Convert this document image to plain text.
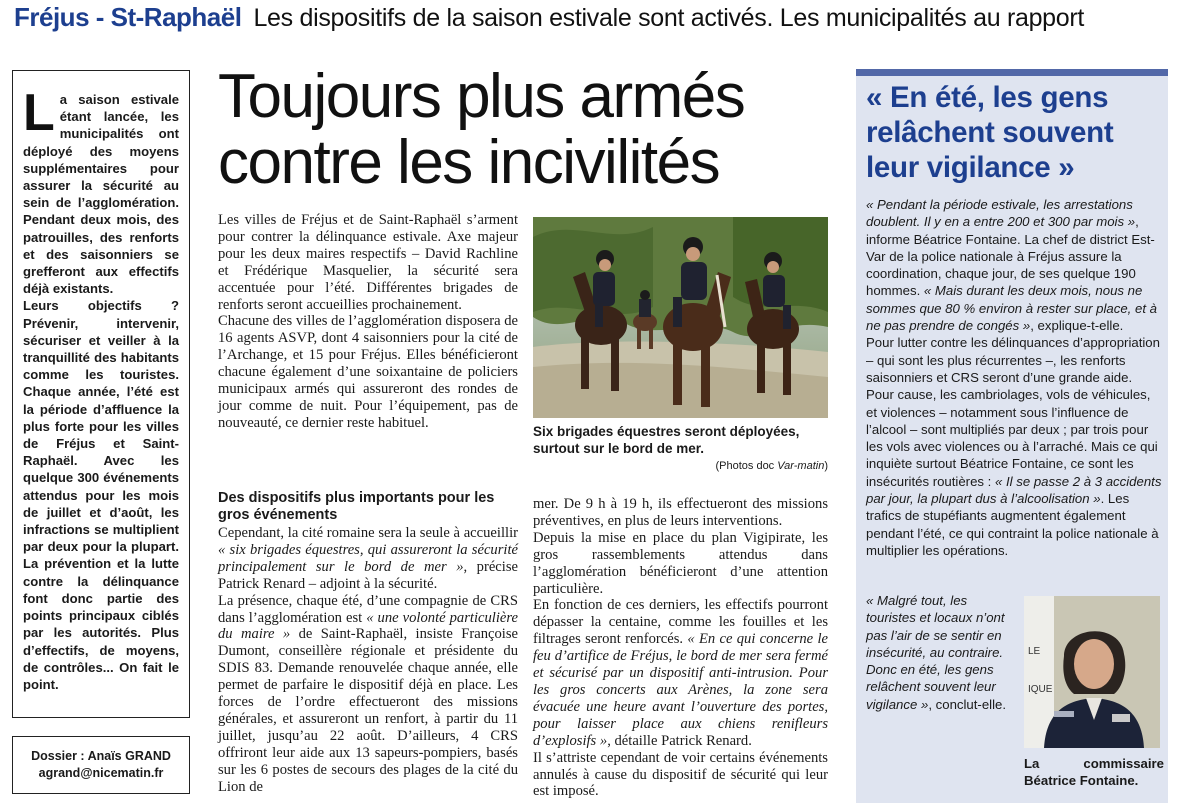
Fréjus - St-Raphaël Les dispositifs de la saison estivale sont activés. Les municipalités au rapport

La saison estivale étant lancée, les municipalités ont déployé des moyens supplémentaires pour assurer la sécurité au sein de l’agglomération. Pendant deux mois, des patrouilles, des renforts et des saisonniers se grefferont aux effectifs déjà existants.

Leurs objectifs ? Prévenir, intervenir, sécuriser et veiller à la tranquillité des habitants comme les touristes. Chaque année, l’été est la période d’affluence la plus forte pour les villes de Fréjus et Saint-Raphaël. Avec les quelque 300 événements attendus pour les mois de juillet et d’août, les infractions se multiplient par deux pour la plupart. La prévention et la lutte contre la délinquance font donc partie des points principaux ciblés par les autorités. Plus d’effectifs, de moyens, de contrôles... On fait le point.

Dossier : Anaïs GRAND
agrand@nicematin.fr
Toujours plus armés
contre les incivilités

Les villes de Fréjus et de Saint-Raphaël s’arment pour contrer la délinquance estivale. Axe majeur pour les deux maires respectifs – David Rachline et Frédérique Masquelier, la sécurité sera accentuée pour l’été. Différentes brigades de renforts seront accueillies prochainement.

Chacune des villes de l’agglomération disposera de 16 agents ASVP, dont 4 saisonniers pour la cité de l’Archange, et 15 pour Fréjus. Elles bénéficieront chacune également d’une soixantaine de policiers municipaux armés qui assureront des rondes de jour comme de nuit. Pour l’équipement, pas de nouveauté, ce dernier reste habituel.

Des dispositifs plus importants pour les gros événements

Cependant, la cité romaine sera la seule à accueillir « six brigades équestres, qui assureront la sécurité principalement sur le bord de mer », précise Patrick Renard – adjoint à la sécurité.

La présence, chaque été, d’une compagnie de CRS dans l’agglomération est « une volonté particulière du maire » de Saint-Raphaël, insiste Françoise Dumont, conseillère régionale et présidente du SDIS 83. Demande renouvelée chaque année, elle permet de parfaire le dispositif déjà en place. Les forces de l’ordre effectueront des missions générales, et assureront un renfort, à partir du 11 juillet, jusqu’au 22 août. D’ailleurs, 4 CRS offriront leur aide aux 13 sapeurs-pompiers, basés sur les 6 postes de secours des plages de la cité du Lion de

Six brigades équestres seront déployées, surtout sur le bord de mer.
(Photos doc Var-matin)

mer. De 9 h à 19 h, ils effectueront des missions préventives, en plus de leurs interventions.

Depuis la mise en place du plan Vigipirate, les gros rassemblements attendus dans l’agglomération bénéficieront d’une attention particulière.

En fonction de ces derniers, les effectifs pourront dépasser la centaine, comme les fouilles et les filtrages seront renforcés. « En ce qui concerne le feu d’artifice de Fréjus, le bord de mer sera fermé et sécurisé par un dispositif anti-intrusion. Pour les gros concerts aux Arènes, la zone sera évacuée une heure avant l’ouverture des portes, pour laisser place aux chiens renifleurs d’explosifs », détaille Patrick Renard.

Il s’attriste cependant de voir certains événements annulés à cause du dispositif de sécurité qui leur est imposé.

« En été, les gens relâchent souvent leur vigilance »

« Pendant la période estivale, les arrestations doublent. Il y en a entre 200 et 300 par mois », informe Béatrice Fontaine. La chef de district Est-Var de la police nationale à Fréjus assure la coordination, chaque jour, de ses quelque 190 hommes. « Mais durant les deux mois, nous ne sommes que 80 % environ à rester sur place, et à ne pas prendre de congés », explique-t-elle.

Pour lutter contre les délinquances d’appropriation – qui sont les plus récurrentes –, les renforts saisonniers et CRS seront d’une grande aide. Pour cause, les cambriolages, vols de véhicules, et violences – notamment sous l’influence de l’alcool – sont multipliés par deux ; par trois pour les vols avec violences ou à l’arraché. Mais ce qui inquiète surtout Béatrice Fontaine, ce sont les insécurités routières : « Il se passe 2 à 3 accidents par jour, la plupart dus à l’alcoolisation ». Les trafics de stupéfiants augmentent également pendant l’été, ce qui contraint la police nationale à multiplier les opérations.

« Malgré tout, les touristes et locaux n’ont pas l’air de se sentir en insécurité, au contraire. Donc en été, les gens relâchent souvent leur vigilance », conclut-elle.

LE
IQUE
La	commissaire
Béatrice Fontaine.
